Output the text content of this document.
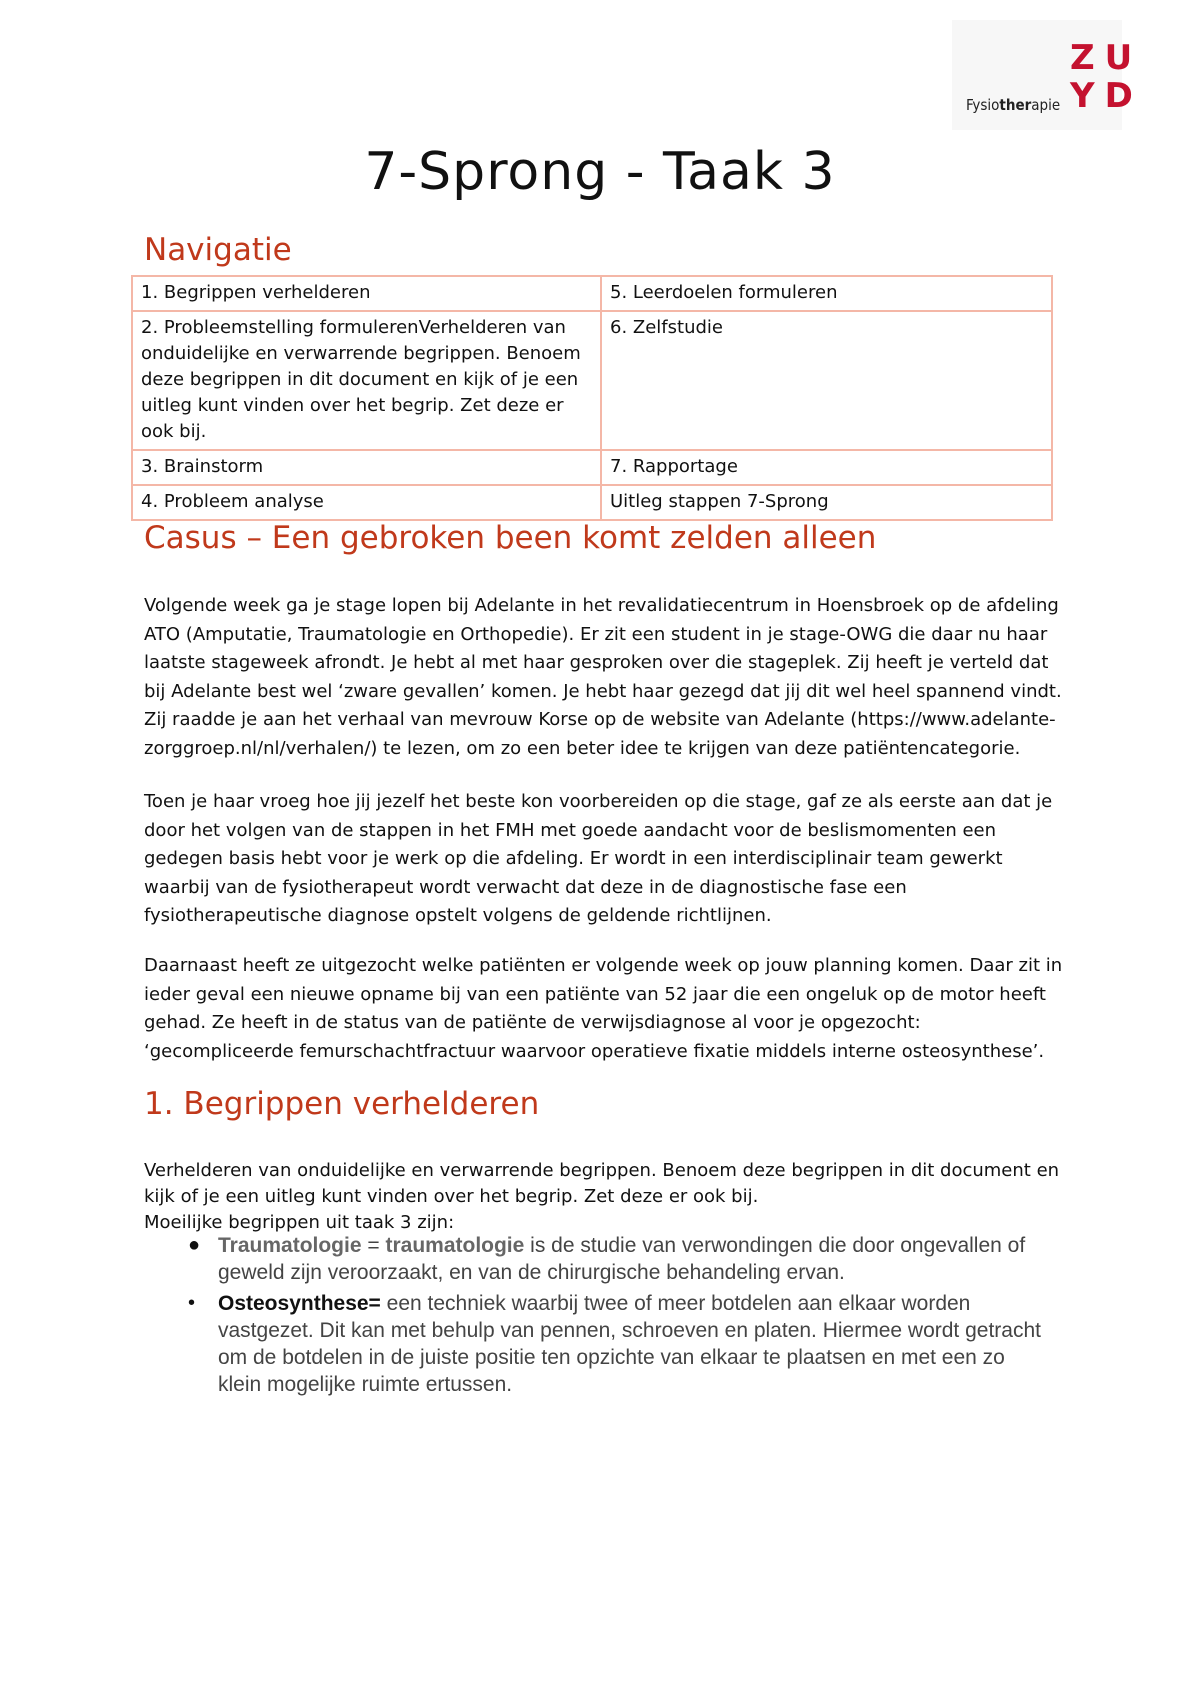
ZU
YD
Fysiotherapie
7-Sprong - Taak 3
Navigatie
1. Begrippen verhelderen	5. Leerdoelen formuleren
2. Probleemstelling formulerenVerhelderen van onduidelijke en verwarrende begrippen. Benoem deze begrippen in dit document en kijk of je een uitleg kunt vinden over het begrip. Zet deze er ook bij.	6. Zelfstudie
3. Brainstorm	7. Rapportage
4. Probleem analyse	Uitleg stappen 7-Sprong
Casus – Een gebroken been komt zelden alleen
Volgende week ga je stage lopen bij Adelante in het revalidatiecentrum in Hoensbroek op de afdeling ATO (Amputatie, Traumatologie en Orthopedie). Er zit een student in je stage-OWG die daar nu haar laatste stageweek afrondt. Je hebt al met haar gesproken over die stageplek. Zij heeft je verteld dat bij Adelante best wel ‘zware gevallen’ komen. Je hebt haar gezegd dat jij dit wel heel spannend vindt. Zij raadde je aan het verhaal van mevrouw Korse op de website van Adelante (https://www.adelante-zorggroep.nl/nl/verhalen/) te lezen, om zo een beter idee te krijgen van deze patiëntencategorie.
Toen je haar vroeg hoe jij jezelf het beste kon voorbereiden op die stage, gaf ze als eerste aan dat je door het volgen van de stappen in het FMH met goede aandacht voor de beslismomenten een gedegen basis hebt voor je werk op die afdeling. Er wordt in een interdisciplinair team gewerkt waarbij van de fysiotherapeut wordt verwacht dat deze in de diagnostische fase een fysiotherapeutische diagnose opstelt volgens de geldende richtlijnen.
Daarnaast heeft ze uitgezocht welke patiënten er volgende week op jouw planning komen. Daar zit in ieder geval een nieuwe opname bij van een patiënte van 52 jaar die een ongeluk op de motor heeft gehad. Ze heeft in de status van de patiënte de verwijsdiagnose al voor je opgezocht: ‘gecompliceerde femurschachtfractuur waarvoor operatieve fixatie middels interne osteosynthese’.
1. Begrippen verhelderen
Verhelderen van onduidelijke en verwarrende begrippen. Benoem deze begrippen in dit document en kijk of je een uitleg kunt vinden over het begrip. Zet deze er ook bij.
Moeilijke begrippen uit taak 3 zijn:
● Traumatologie = traumatologie is de studie van verwondingen die door ongevallen of geweld zijn veroorzaakt, en van de chirurgische behandeling ervan.
• Osteosynthese= een techniek waarbij twee of meer botdelen aan elkaar worden vastgezet. Dit kan met behulp van pennen, schroeven en platen. Hiermee wordt getracht om de botdelen in de juiste positie ten opzichte van elkaar te plaatsen en met een zo klein mogelijke ruimte ertussen.
